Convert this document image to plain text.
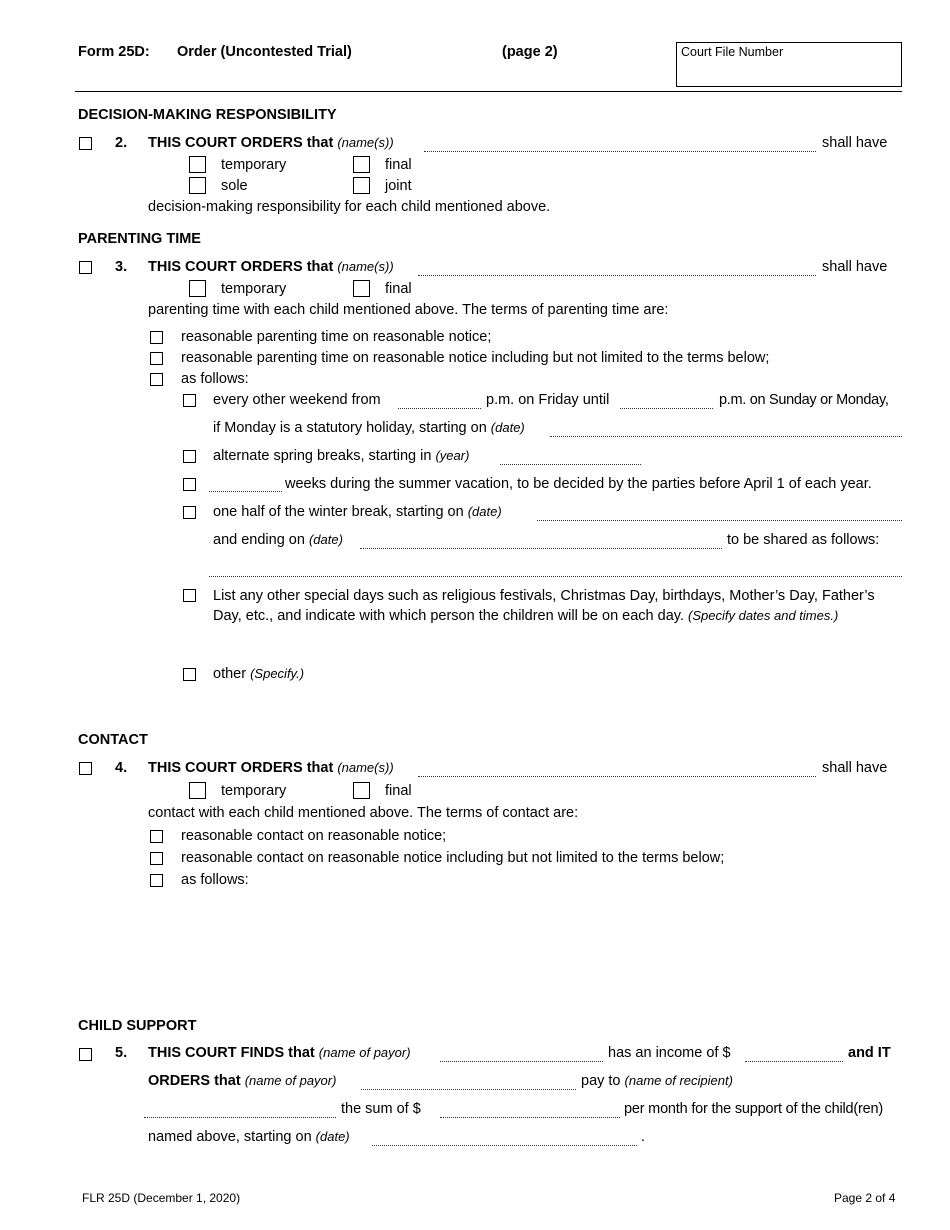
Form 25D: Order (Uncontested Trial)	(page 2)	Court File Number
DECISION-MAKING RESPONSIBILITY
2. THIS COURT ORDERS that (name(s))	shall have
temporary	final
sole	joint
decision-making responsibility for each child mentioned above.
PARENTING TIME
3. THIS COURT ORDERS that (name(s))	shall have
temporary	final
parenting time with each child mentioned above. The terms of parenting time are:
reasonable parenting time on reasonable notice;
reasonable parenting time on reasonable notice including but not limited to the terms below;
as follows:
every other weekend from	p.m. on Friday until	p.m. on Sunday or Monday,
if Monday is a statutory holiday, starting on (date)
alternate spring breaks, starting in (year)
weeks during the summer vacation, to be decided by the parties before April 1 of each year.
one half of the winter break, starting on (date)
and ending on (date)	to be shared as follows:
List any other special days such as religious festivals, Christmas Day, birthdays, Mother’s Day, Father’s Day, etc., and indicate with which person the children will be on each day. (Specify dates and times.)
other (Specify.)
CONTACT
4. THIS COURT ORDERS that (name(s))	shall have
temporary	final
contact with each child mentioned above. The terms of contact are:
reasonable contact on reasonable notice;
reasonable contact on reasonable notice including but not limited to the terms below;
as follows:
CHILD SUPPORT
5. THIS COURT FINDS that (name of payor)	has an income of $	and IT
ORDERS that (name of payor)	pay to (name of recipient)
the sum of $	per month for the support of the child(ren)
named above, starting on (date)	.
FLR 25D (December 1, 2020)	Page 2 of 4
